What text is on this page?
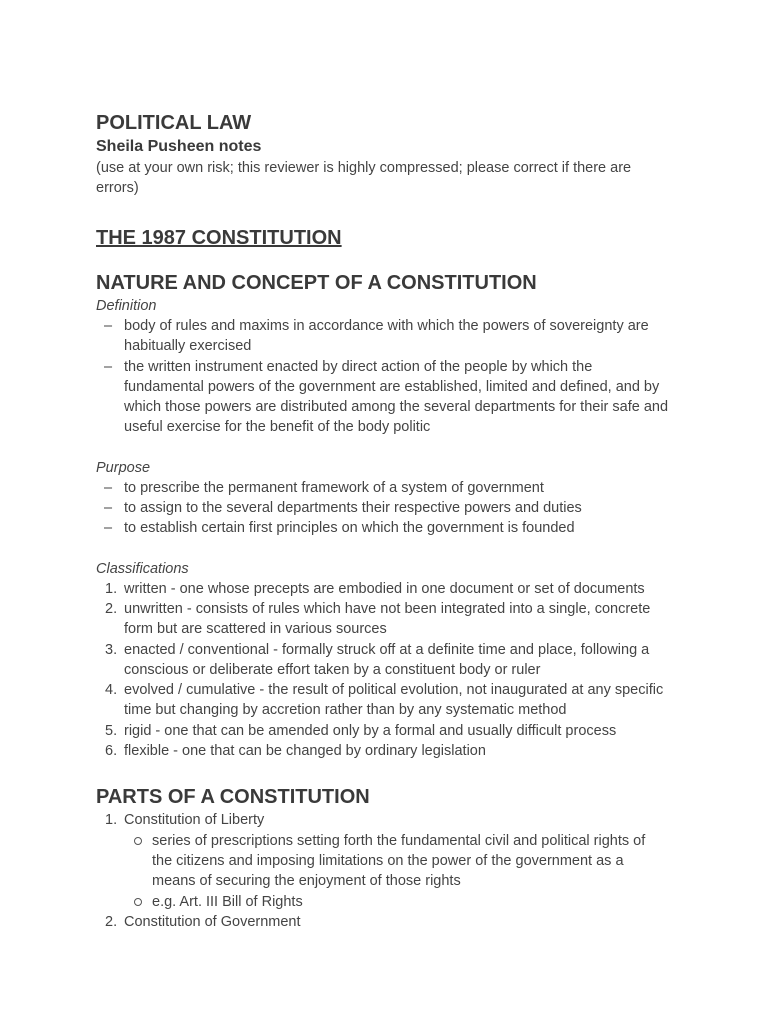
POLITICAL LAW
Sheila Pusheen notes

(use at your own risk; this reviewer is highly compressed; please correct if there are errors)

THE 1987 CONSTITUTION
NATURE AND CONCEPT OF A CONSTITUTION

Definition

– body of rules and maxims in accordance with which the powers of sovereignty are habitually exercised
– the written instrument enacted by direct action of the people by which the fundamental powers of the government are established, limited and defined, and by which those powers are distributed among the several departments for their safe and useful exercise for the benefit of the body politic

Purpose

– to prescribe the permanent framework of a system of government
– to assign to the several departments their respective powers and duties
– to establish certain first principles on which the government is founded

Classifications

1. written - one whose precepts are embodied in one document or set of documents
2. unwritten - consists of rules which have not been integrated into a single, concrete form but are scattered in various sources
3. enacted / conventional - formally struck off at a definite time and place, following a conscious or deliberate effort taken by a constituent body or ruler
4. evolved / cumulative - the result of political evolution, not inaugurated at any specific time but changing by accretion rather than by any systematic method
5. rigid - one that can be amended only by a formal and usually difficult process
6. flexible - one that can be changed by ordinary legislation
PARTS OF A CONSTITUTION
1. Constitution of Liberty
series of prescriptions setting forth the fundamental civil and political rights of the citizens and imposing limitations on the power of the government as a means of securing the enjoyment of those rights
e.g. Art. III Bill of Rights
2. Constitution of Government
